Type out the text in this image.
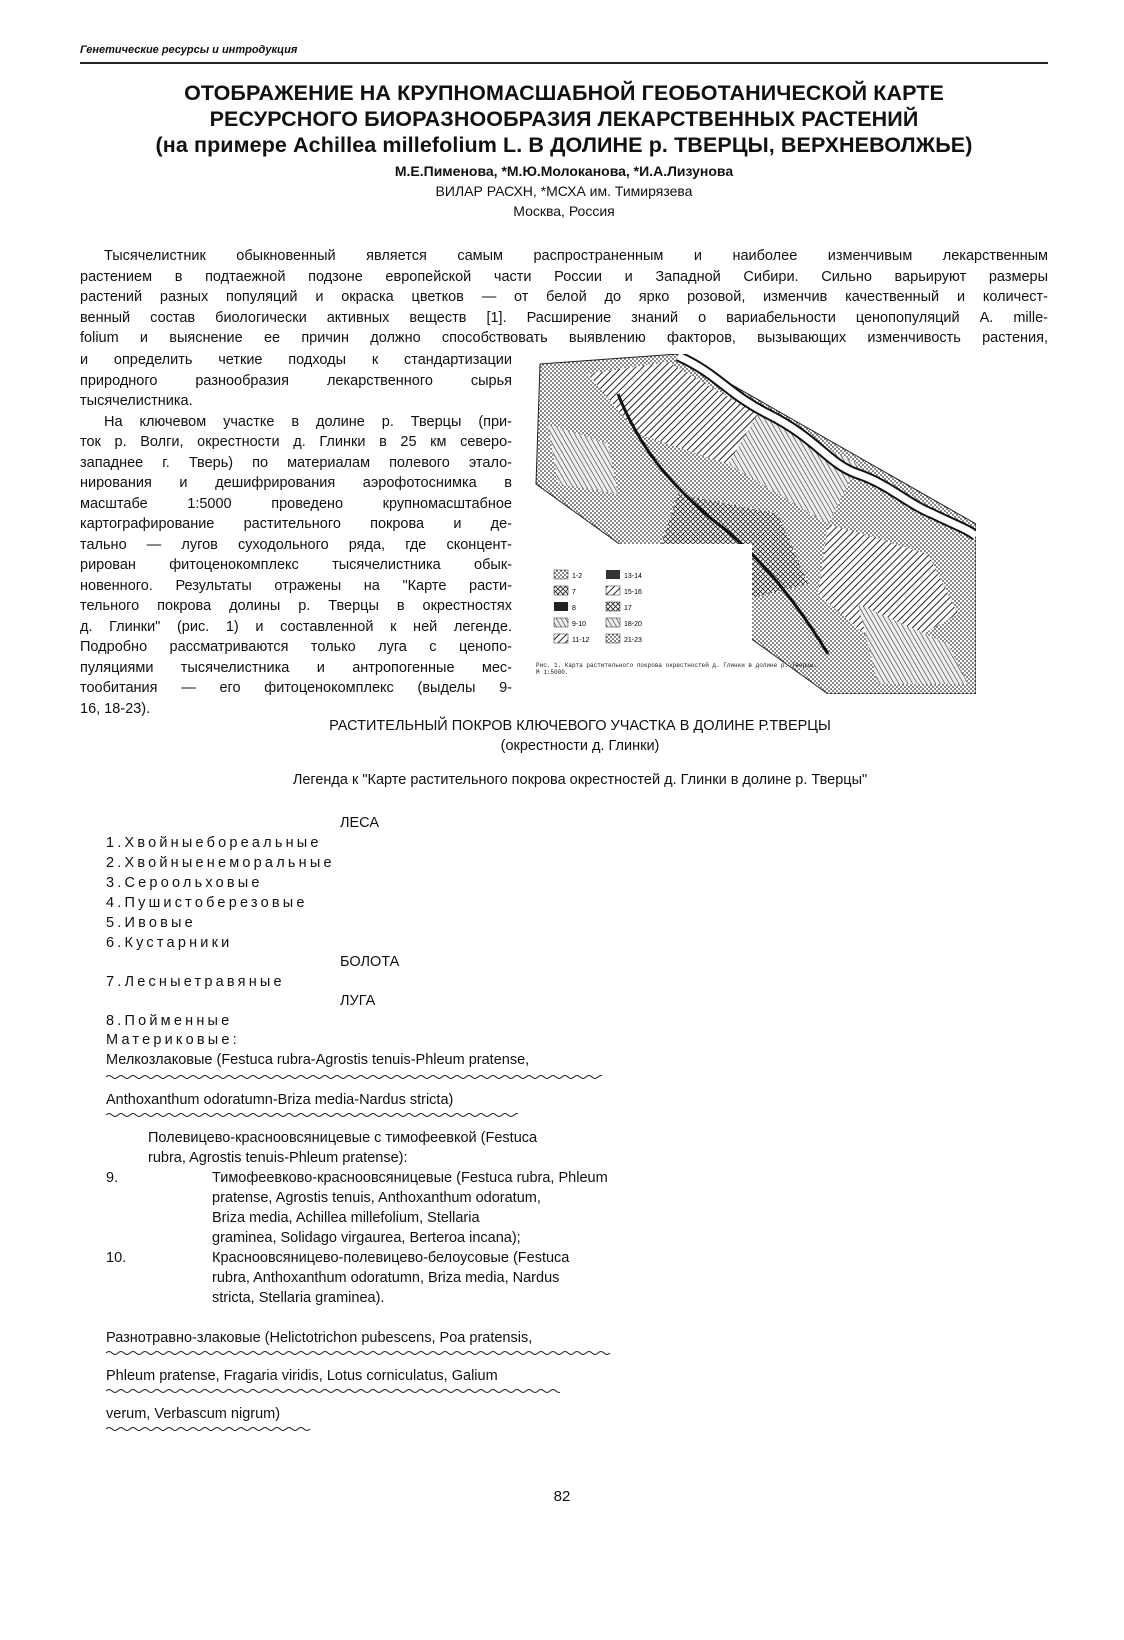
Генетические ресурсы и интродукция
ОТОБРАЖЕНИЕ НА КРУПНОМАСШАБНОЙ ГЕОБОТАНИЧЕСКОЙ КАРТЕ
РЕСУРСНОГО БИОРАЗНООБРАЗИЯ ЛЕКАРСТВЕННЫХ РАСТЕНИЙ
(на примере Achillea millefolium L. В ДОЛИНЕ р. ТВЕРЦЫ, ВЕРХНЕВОЛЖЬЕ)
М.Е.Пименова, *М.Ю.Молоканова, *И.А.Лизунова
ВИЛАР РАСХН, *МСХА им. Тимирязева
Москва, Россия
Тысячелистник обыкновенный является самым распространенным и наиболее изменчивым лекарственным
растением в подтаежной подзоне европейской части России и Западной Сибири. Сильно варьируют размеры
растений разных популяций и окраска цветков — от белой до ярко розовой, изменчив качественный и количест-
венный состав биологически активных веществ [1]. Расширение знаний о вариабельности ценопопуляций A. mille-
folium и выяснение ее причин должно способствовать выявлению факторов, вызывающих изменчивость растения,
и определить четкие подходы к стандартизации
природного разнообразия лекарственного сырья
тысячелистника.
На ключевом участке в долине р. Тверцы (при-
ток р. Волги, окрестности д. Глинки в 25 км северо-
западнее г. Тверь) по материалам полевого этало-
нирования и дешифрирования аэрофотоснимка в
масштабе 1:5000 проведено крупномасштабное
картографирование растительного покрова и де-
тально — лугов суходольного ряда, где сконцент-
рирован фитоценокомплекс тысячелистника обык-
новенного. Результаты отражены на "Карте расти-
тельного покрова долины р. Тверцы в окрестностях
д. Глинки" (рис. 1) и составленной к ней легенде.
Подробно рассматриваются только луга с ценопо-
пуляциями тысячелистника и антропогенные мес-
тообитания — его фитоценокомплекс (выделы 9-
16, 18-23).
1-2
7
8
9-10
11-12
13-14
15-16
17
18-20
21-23
Рис. 1. Карта растительного покрова окрестностей д. Глинки в долине р. Тверцы.
М 1:5000.
РАСТИТЕЛЬНЫЙ ПОКРОВ КЛЮЧЕВОГО УЧАСТКА В ДОЛИНЕ Р.ТВЕРЦЫ
(окрестности д. Глинки)
Легенда к "Карте растительного покрова окрестностей д. Глинки в долине р. Тверцы"
ЛЕСА
1.Хвойныебореальные
2.Хвойныенеморальные
3.Сероольховые
4.Пушистоберезовые
5.Ивовые
6.Кустарники
БОЛОТА
7.Лесныетравяные
ЛУГА
8.Пойменные
Материковые:
Мелкозлаковые (Festuca rubra-Agrostis tenuis-Phleum pratense,
Anthoxanthum odoratumn-Briza media-Nardus stricta)
Полевицево-красноовсяницевые с тимофеевкой (Festuca
rubra, Agrostis tenuis-Phleum pratense):
9.	Тимофеевково-красноовсяницевые (Festuca rubra, Phleum
pratense, Agrostis tenuis, Anthoxanthum odoratum,
Briza media, Achillea millefolium, Stellaria
graminea, Solidago virgaurea, Berteroa incana);
10.	Красноовсяницево-полевицево-белоусовые (Festuca
rubra, Anthoxanthum odoratumn, Briza media, Nardus
stricta, Stellaria graminea).
Разнотравно-злаковые (Helictotrichon pubescens, Poa pratensis,
Phleum pratense, Fragaria viridis, Lotus corniculatus, Galium
verum, Verbascum nigrum)
82
